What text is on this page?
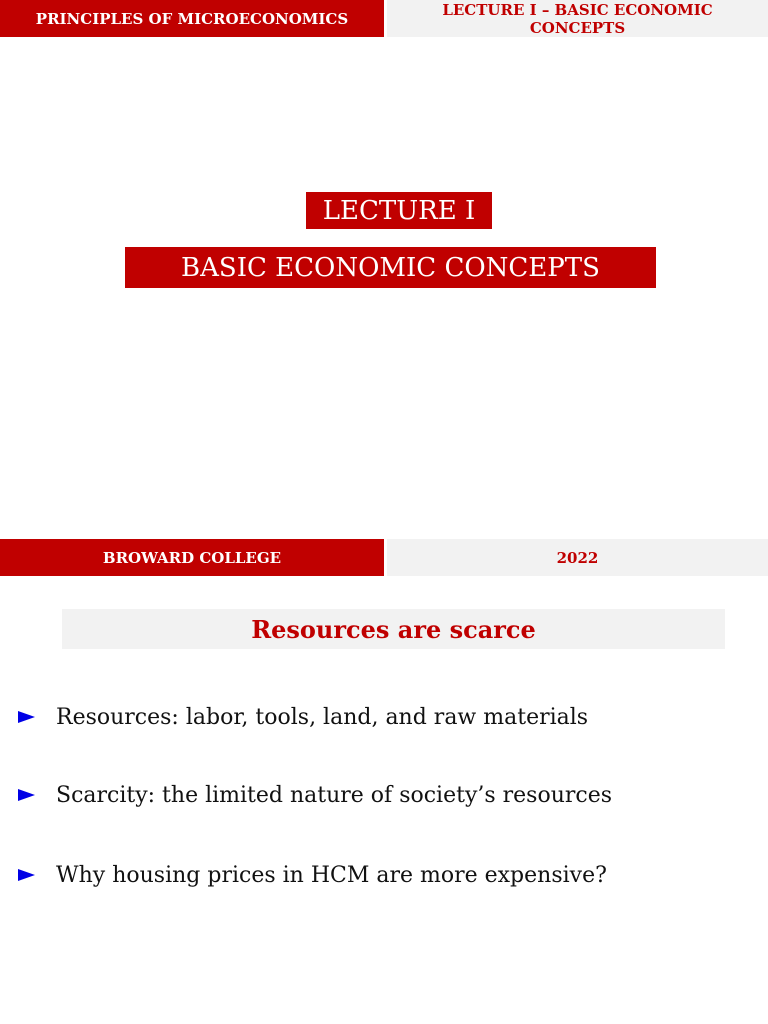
PRINCIPLES OF MICROECONOMICS	LECTURE I – BASIC ECONOMIC CONCEPTS
LECTURE I
BASIC ECONOMIC CONCEPTS
BROWARD COLLEGE	2022
Resources are scarce
Resources: labor, tools, land, and raw materials
Scarcity: the limited nature of society’s resources
Why housing prices in HCM are more expensive?
